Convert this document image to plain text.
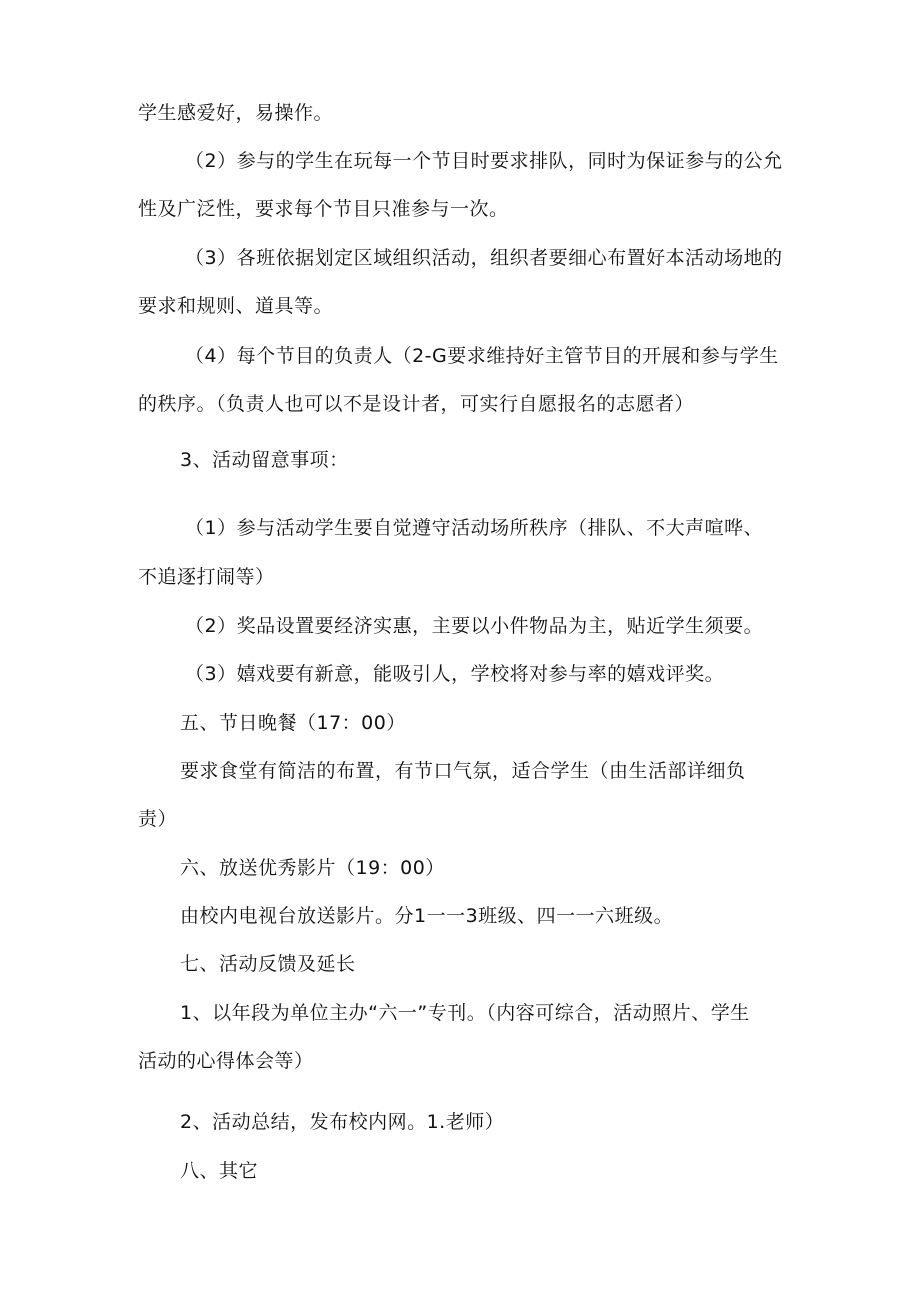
学生感爱好，易操作。
（2）参与的学生在玩每一个节目时要求排队，同时为保证参与的公允
性及广泛性，要求每个节目只准参与一次。
（3）各班依据划定区域组织活动，组织者要细心布置好本活动场地的
要求和规则、道具等。
（4）每个节目的负责人（2-G要求维持好主管节目的开展和参与学生
的秩序。（负责人也可以不是设计者，可实行自愿报名的志愿者）
3、活动留意事项：
（1）参与活动学生要自觉遵守活动场所秩序（排队、不大声喧哗、
不追逐打闹等）
（2）奖品设置要经济实惠，主要以小件物品为主，贴近学生须要。
（3）嬉戏要有新意，能吸引人，学校将对参与率的嬉戏评奖。
五、节日晚餐（17：00）
要求食堂有简洁的布置，有节口气氛，适合学生（由生活部详细负
责）
六、放送优秀影片（19：00）
由校内电视台放送影片。分1一一3班级、四一一六班级。
七、活动反馈及延长
1、以年段为单位主办“六一”专刊。（内容可综合，活动照片、学生
活动的心得体会等）
2、活动总结，发布校内网。1.老师）
八、其它
